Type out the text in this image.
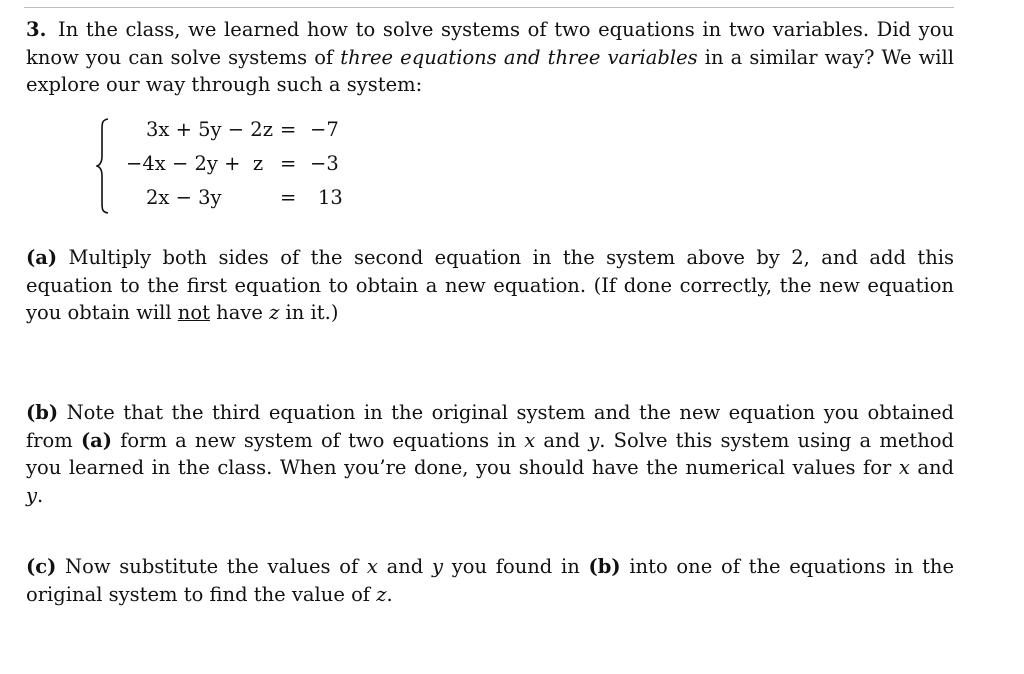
3. In the class, we learned how to solve systems of two equations in two variables. Did you know you can solve systems of three equations and three variables in a similar way? We will explore our way through such a system:
3x + 5y − 2z = −7
−4x − 2y +  z = −3
2x − 3y	= 13
(a) Multiply both sides of the second equation in the system above by 2, and add this equation to the first equation to obtain a new equation. (If done correctly, the new equation you obtain will not have z in it.)
(b) Note that the third equation in the original system and the new equation you obtained from (a) form a new system of two equations in x and y. Solve this system using a method you learned in the class. When you’re done, you should have the numerical values for x and y.
(c) Now substitute the values of x and y you found in (b) into one of the equations in the original system to find the value of z.
